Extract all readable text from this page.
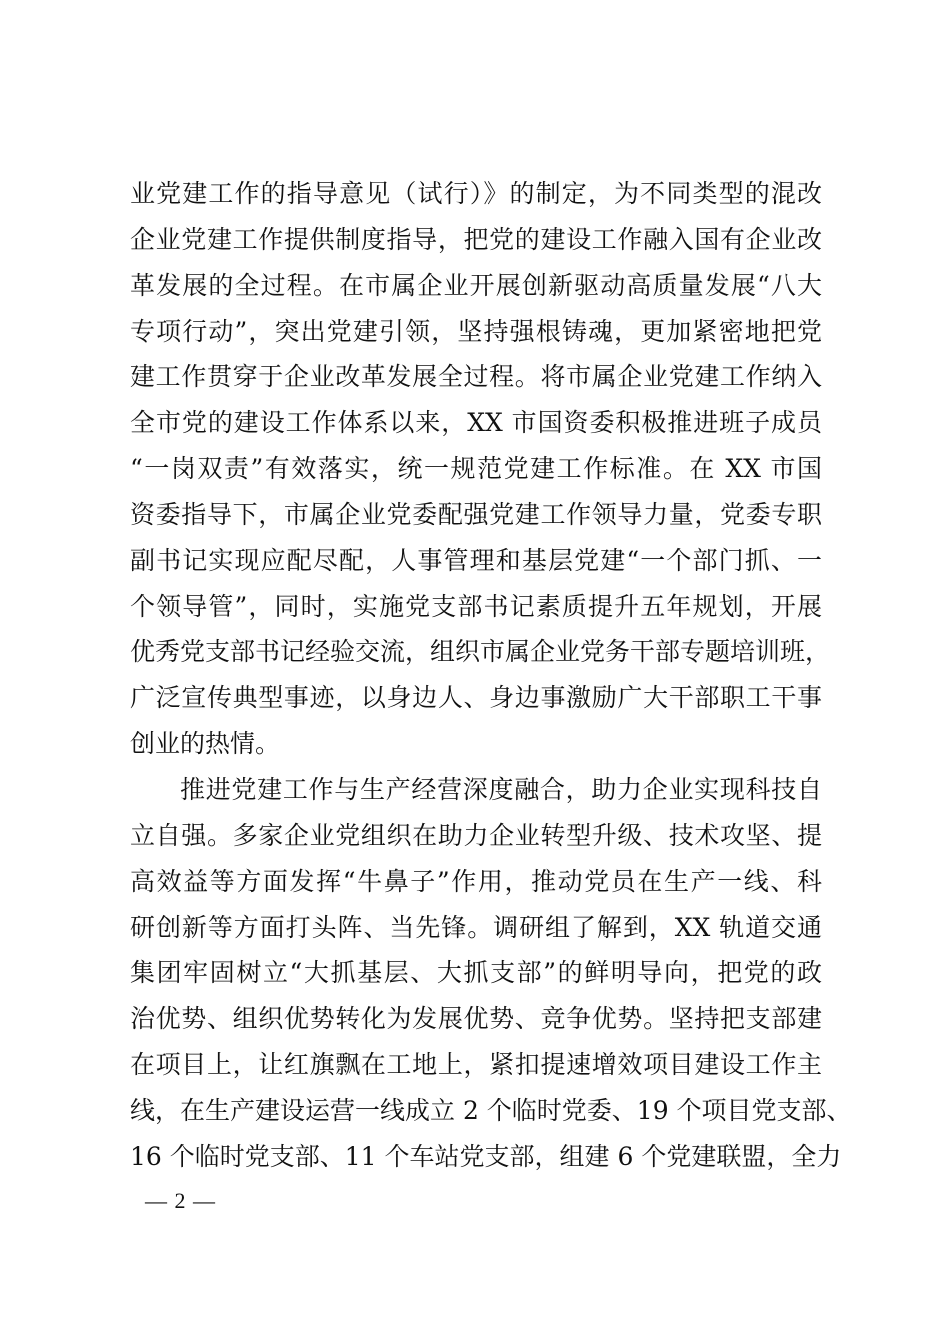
业党建工作的指导意见（试行）》的制定，为不同类型的混改
企业党建工作提供制度指导，把党的建设工作融入国有企业改
革发展的全过程。在市属企业开展创新驱动高质量发展“八大
专项行动”，突出党建引领，坚持强根铸魂，更加紧密地把党
建工作贯穿于企业改革发展全过程。将市属企业党建工作纳入
全市党的建设工作体系以来，XX 市国资委积极推进班子成员
“一岗双责”有效落实，统一规范党建工作标准。在 XX 市国
资委指导下，市属企业党委配强党建工作领导力量，党委专职
副书记实现应配尽配，人事管理和基层党建“一个部门抓、一
个领导管”，同时，实施党支部书记素质提升五年规划，开展
优秀党支部书记经验交流，组织市属企业党务干部专题培训班，
广泛宣传典型事迹，以身边人、身边事激励广大干部职工干事
创业的热情。
推进党建工作与生产经营深度融合，助力企业实现科技自
立自强。多家企业党组织在助力企业转型升级、技术攻坚、提
高效益等方面发挥“牛鼻子”作用，推动党员在生产一线、科
研创新等方面打头阵、当先锋。调研组了解到，XX 轨道交通
集团牢固树立“大抓基层、大抓支部”的鲜明导向，把党的政
治优势、组织优势转化为发展优势、竞争优势。坚持把支部建
在项目上，让红旗飘在工地上，紧扣提速增效项目建设工作主
线，在生产建设运营一线成立 2 个临时党委、19 个项目党支部、
16 个临时党支部、11 个车站党支部，组建 6 个党建联盟，全力
— 2 —
